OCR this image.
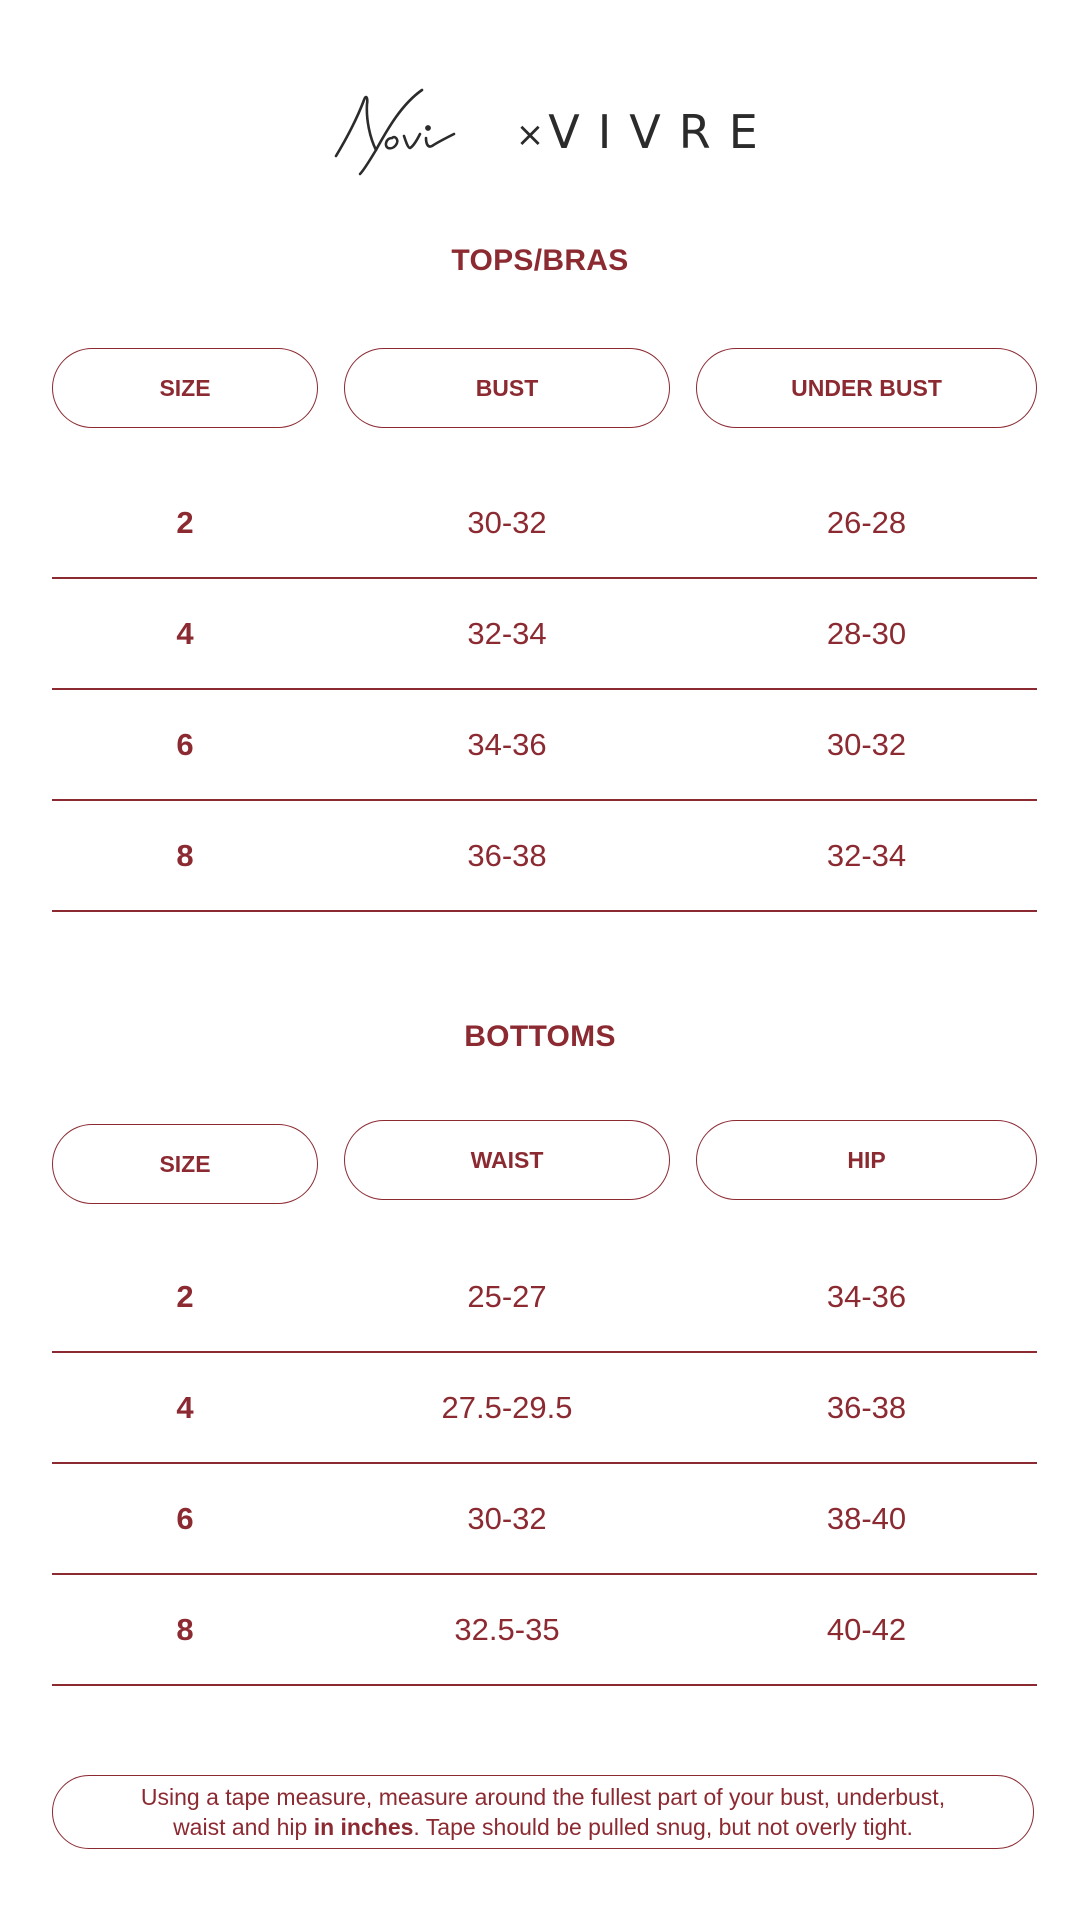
× VIVRE
TOPS/BRAS
SIZE	BUST	UNDER BUST
2	30-32	26-28
4	32-34	28-30
6	34-36	30-32
8	36-38	32-34
BOTTOMS
SIZE	WAIST	HIP
2	25-27	34-36
4	27.5-29.5	36-38
6	30-32	38-40
8	32.5-35	40-42
Using a tape measure, measure around the fullest part of your bust, underbust,
waist and hip in inches. Tape should be pulled snug, but not overly tight.
